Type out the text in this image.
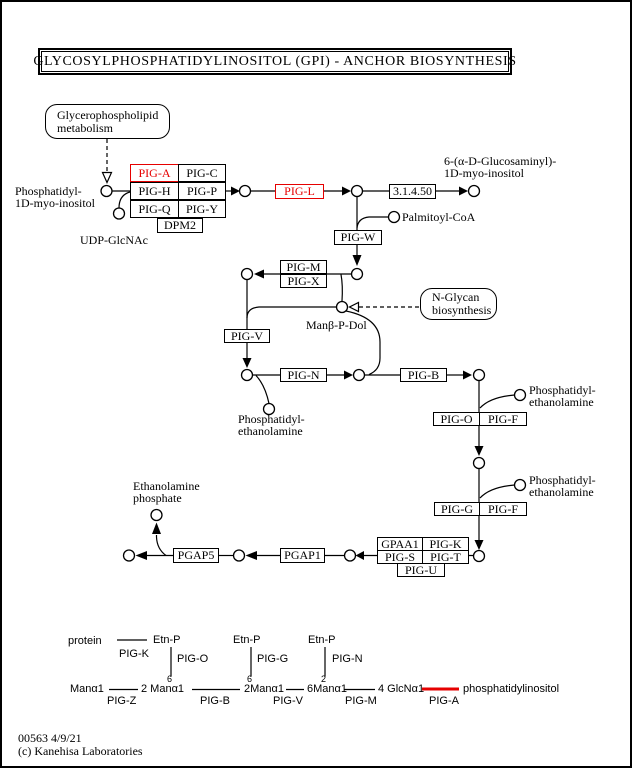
GLYCOSYLPHOSPHATIDYLINOSITOL (GPI) - ANCHOR BIOSYNTHESIS
Glycerophospholipid
metabolism
N-Glycan
biosynthesis
PIG-A	PIG-C
PIG-H	PIG-P
PIG-Q	PIG-Y
DPM2
PIG-L	3.1.4.50
PIG-W
PIG-M
PIG-X
PIG-V
PIG-N	PIG-B
PIG-O	PIG-F
PIG-G	PIG-F
GPAA1 PIG-K
PIG-S	PIG-T
PIG-U
PGAP1
PGAP5
Phosphatidyl-
1D-myo-inositol
UDP-GlcNAc
6-(α-D-Glucosaminyl)-
1D-myo-inositol
Palmitoyl-CoA
Manβ-P-Dol
Phosphatidyl-
ethanolamine
Phosphatidyl-
ethanolamine
Phosphatidyl-
ethanolamine
Ethanolamine
phosphate
protein	Etn-P	Etn-P	Etn-P
PIG-K	PIG-O	PIG-G	PIG-N
6	6	2
Manα1	2 Manα1	2Manα1 6Manα1	4 GlcNα1	phosphatidylinositol
PIG-Z	PIG-B	PIG-V	PIG-M	PIG-A
00563 4/9/21
(c) Kanehisa Laboratories
